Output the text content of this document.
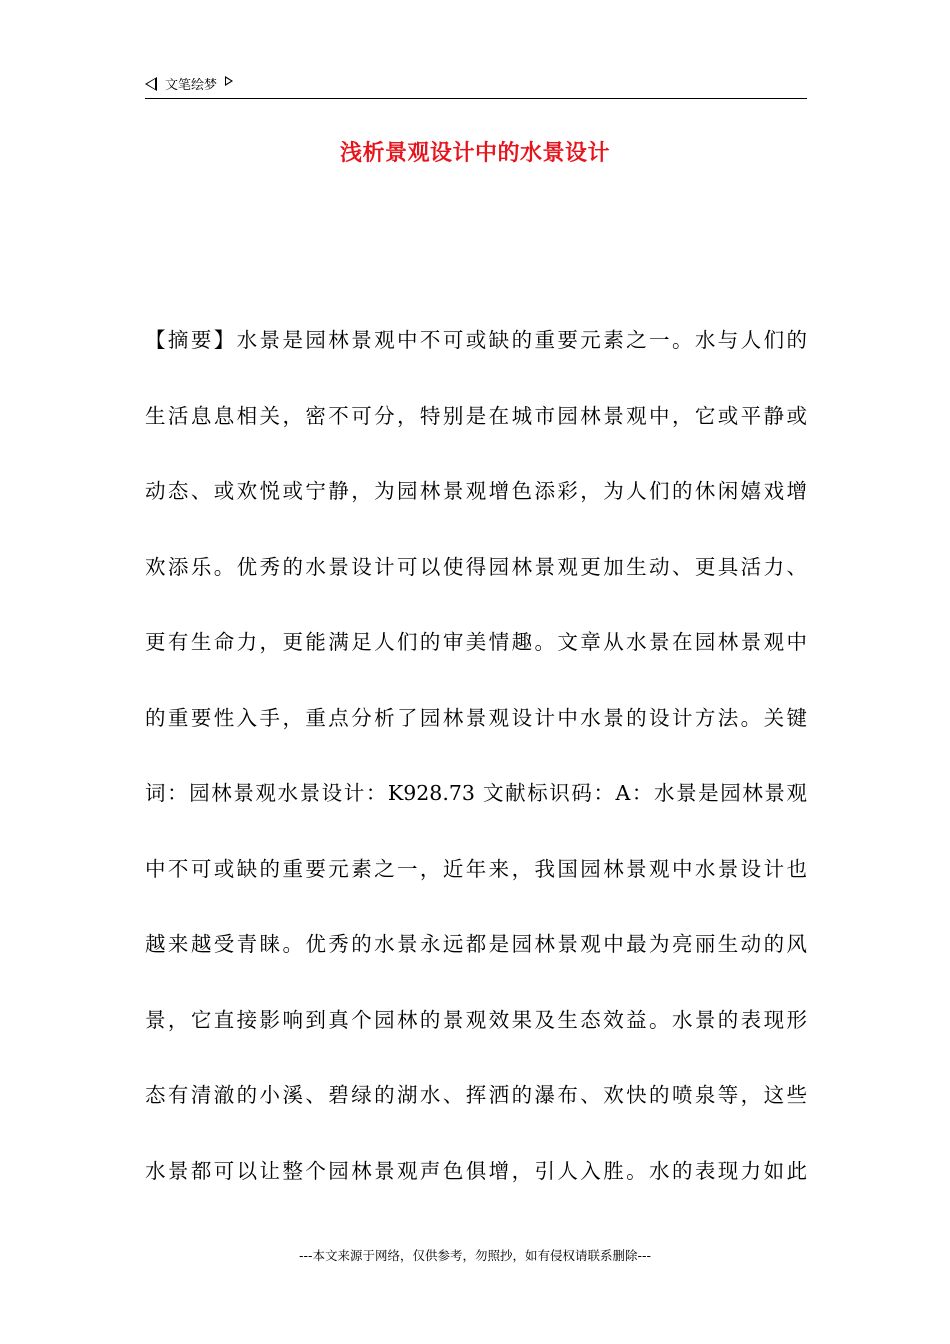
文笔绘梦
浅析景观设计中的水景设计
【摘要】水景是园林景观中不可或缺的重要元素之一。水与人们的
生活息息相关，密不可分，特别是在城市园林景观中，它或平静或
动态、或欢悦或宁静，为园林景观增色添彩，为人们的休闲嬉戏增
欢添乐。优秀的水景设计可以使得园林景观更加生动、更具活力、
更有生命力，更能满足人们的审美情趣。文章从水景在园林景观中
的重要性入手，重点分析了园林景观设计中水景的设计方法。关键
词：园林景观水景设计：K928.73 文献标识码：A：水景是园林景观
中不可或缺的重要元素之一，近年来，我国园林景观中水景设计也
越来越受青睐。优秀的水景永远都是园林景观中最为亮丽生动的风
景，它直接影响到真个园林的景观效果及生态效益。水景的表现形
态有清澈的小溪、碧绿的湖水、挥洒的瀑布、欢快的喷泉等，这些
水景都可以让整个园林景观声色俱增，引人入胜。水的表现力如此
---本文来源于网络，仅供参考，勿照抄，如有侵权请联系删除---
